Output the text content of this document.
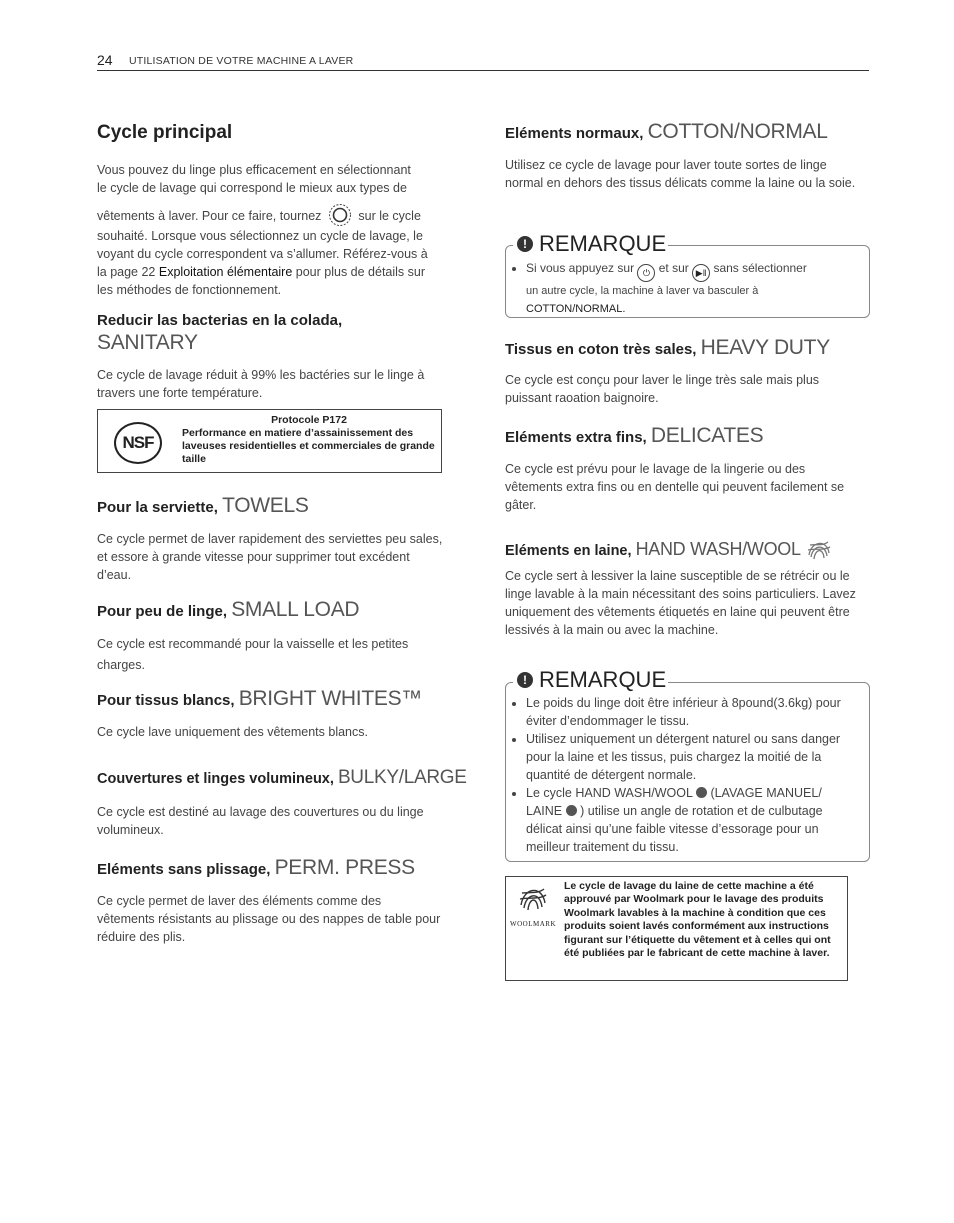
24 UTILISATION DE VOTRE MACHINE A LAVER
Cycle principal
Vous pouvez du linge plus efficacement en sélectionnant
le cycle de lavage qui correspond le mieux aux types de
vêtements à laver. Pour ce faire, tournez	sur le cycle
souhaité. Lorsque vous sélectionnez un cycle de lavage, le
voyant du cycle correspondent va s’allumer. Référez-vous à
la page 22 Exploitation élémentaire pour plus de détails sur
les méthodes de fonctionnement.
Reducir las bacterias en la colada,
SANITARY
Ce cycle de lavage réduit à 99% les bactéries sur le linge à travers une forte température.
NSF
Protocole P172
Performance en matiere d’assainissement des laveuses residentielles et commerciales de grande taille
Pour la serviette, TOWELS
Ce cycle permet de laver rapidement des serviettes peu sales, et essore à grande vitesse pour supprimer tout excédent d’eau.
Pour peu de linge, SMALL LOAD
Ce cycle est recommandé pour la vaisselle et les petites charges.
Pour tissus blancs, BRIGHT WHITES™
Ce cycle lave uniquement des vêtements blancs.
Couvertures et linges volumineux, BULKY/LARGE
Ce cycle est destiné au lavage des couvertures ou du linge volumineux.
Eléments sans plissage, PERM. PRESS
Ce cycle permet de laver des éléments comme des vêtements résistants au plissage ou des nappes de table pour réduire des plis.
Eléments normaux, COTTON/NORMAL
Utilisez ce cycle de lavage pour laver toute sortes de linge normal en dehors des tissus délicats comme la laine ou la soie.
! REMARQUE
• Si vous appuyez sur ⏻ et sur ▶‖ sans sélectionner
un autre cycle, la machine à laver va basculer à
COTTON/NORMAL.
Tissus en coton très sales, HEAVY DUTY
Ce cycle est conçu pour laver le linge très sale mais plus puissant raoation baignoire.
Eléments extra fins, DELICATES
Ce cycle est prévu pour le lavage de la lingerie ou des vêtements extra fins ou en dentelle qui peuvent facilement se gâter.
Eléments en laine, HAND WASH/WOOL
Ce cycle sert à lessiver la laine susceptible de se rétrécir ou le linge lavable à la main nécessitant des soins particuliers. Lavez uniquement des vêtements étiquetés en laine qui peuvent être lessivés à la main ou avec la machine.
! REMARQUE
• Le poids du linge doit être inférieur à 8pound(3.6kg) pour éviter d’endommager le tissu.
• Utilisez uniquement un détergent naturel ou sans danger pour la laine et les tissus, puis chargez la moitié de la quantité de détergent normale.
• Le cycle HAND WASH/WOOL (LAVAGE MANUEL/ LAINE ) utilise un angle de rotation et de culbutage délicat ainsi qu’une faible vitesse d’essorage pour un meilleur traitement du tissu.
WOOLMARK
Le cycle de lavage du laine de cette machine a été approuvé par Woolmark pour le lavage des produits Woolmark lavables à la machine à condition que ces produits soient lavés conformément aux instructions figurant sur l’étiquette du vêtement et à celles qui ont été publiées par le fabricant de cette machine à laver.
